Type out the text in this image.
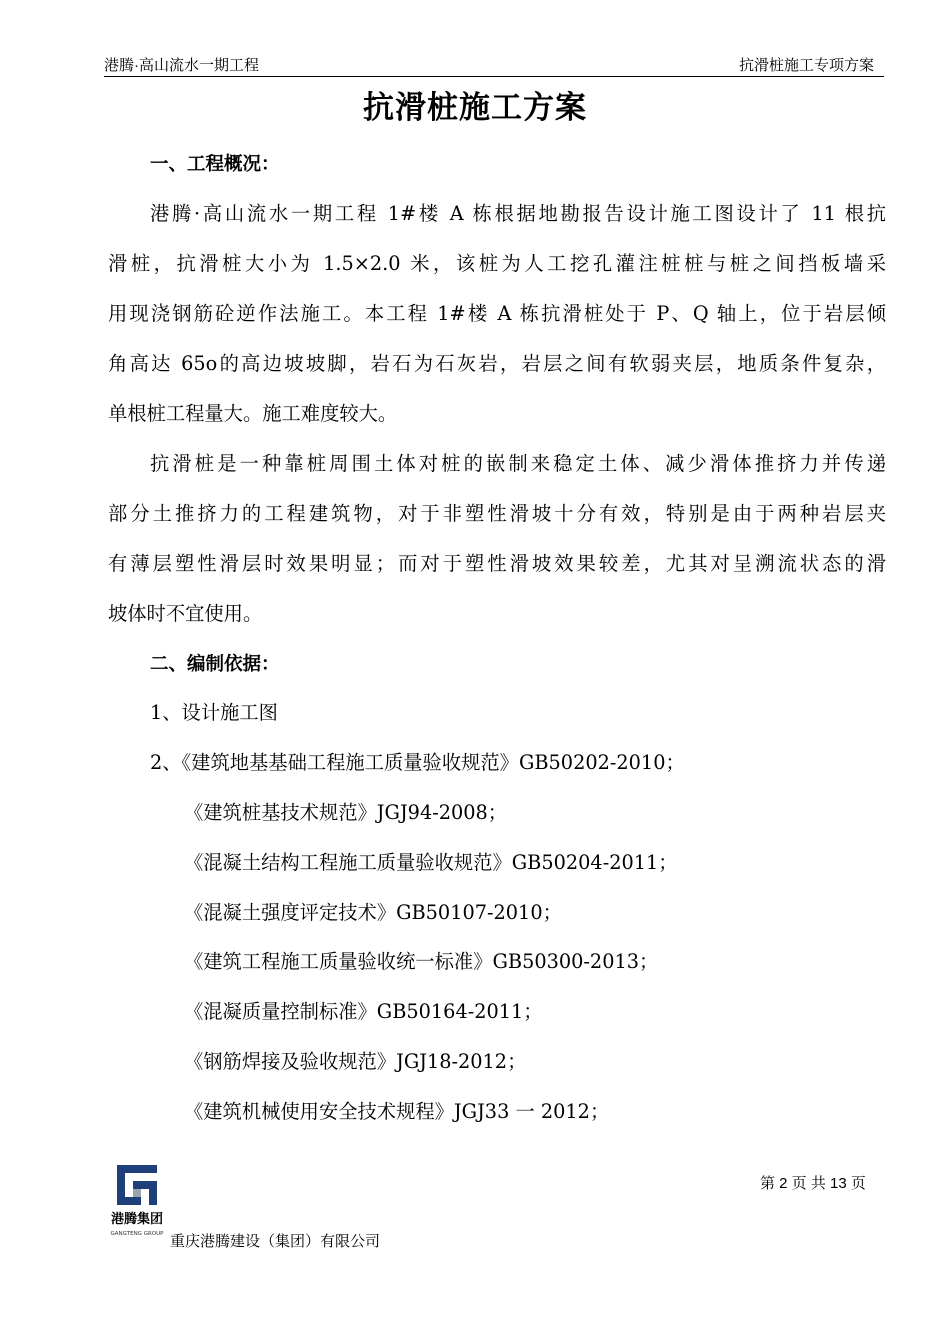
港腾·高山流水一期工程	抗滑桩施工专项方案
抗滑桩施工方案
一、工程概况：
港腾·高山流水一期工程 1#楼 A 栋根据地勘报告设计施工图设计了 11 根抗
滑桩，抗滑桩大小为 1.5×2.0 米，该桩为人工挖孔灌注桩桩与桩之间挡板墙采
用现浇钢筋砼逆作法施工。本工程 1#楼 A 栋抗滑桩处于 P、Q 轴上，位于岩层倾
角高达 65o的高边坡坡脚，岩石为石灰岩，岩层之间有软弱夹层，地质条件复杂，
单根桩工程量大。施工难度较大。
抗滑桩是一种靠桩周围土体对桩的嵌制来稳定土体、减少滑体推挤力并传递
部分土推挤力的工程建筑物，对于非塑性滑坡十分有效，特别是由于两种岩层夹
有薄层塑性滑层时效果明显；而对于塑性滑坡效果较差，尤其对呈溯流状态的滑
坡体时不宜使用。
二、编制依据：
1、设计施工图
2、《建筑地基基础工程施工质量验收规范》GB50202-2010；
《建筑桩基技术规范》JGJ94-2008；
《混凝土结构工程施工质量验收规范》GB50204-2011；
《混凝土强度评定技术》GB50107-2010；
《建筑工程施工质量验收统一标准》GB50300-2013；
《混凝质量控制标准》GB50164-2011；
《钢筋焊接及验收规范》JGJ18-2012；
《建筑机械使用安全技术规程》JGJ33 一 2012；
第 2 页 共 13 页
港腾集团
GANGTENG GROUP 重庆港腾建设（集团）有限公司
